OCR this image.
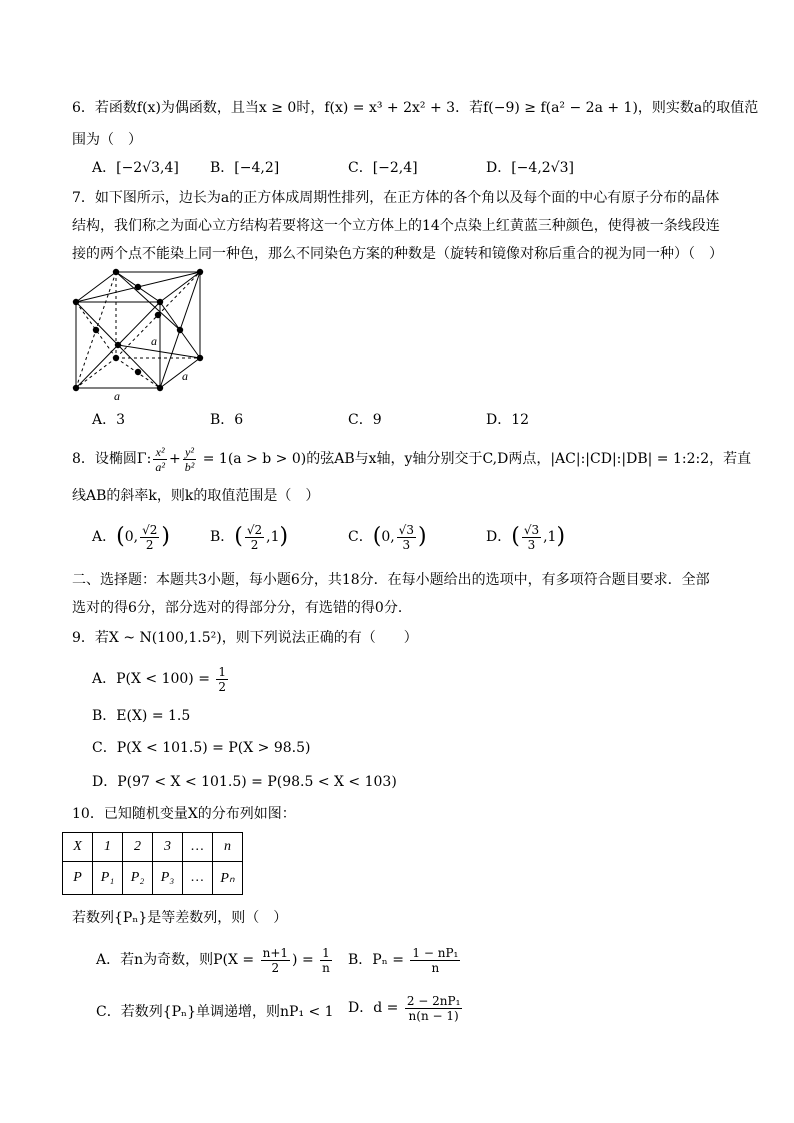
6．若函数f(x)为偶函数，且当x ≥ 0时，f(x) = x³ + 2x² + 3．若f(−9) ≥ f(a² − 2a + 1)，则实数a的取值范
围为（　）
A．[−2√3,4] B．[−4,2]	C．[−2,4]	D．[−4,2√3]
7．如下图所示，边长为a的正方体成周期性排列，在正方体的各个角以及每个面的中心有原子分布的晶体
结构，我们称之为面心立方结构若要将这一个立方体上的14个点染上红黄蓝三种颜色，使得被一条线段连
接的两个点不能染上同一种色，那么不同染色方案的种数是（旋转和镜像对称后重合的视为同一种）（　）
a
a
a
A．3	B．6	C．9	D．12
8．设椭圆Γ: $\frac{\text{x²}}{\text{a²}} + \frac{\text{y²}}{\text{b²}} = 1(a > b > 0)$的弦AB与x轴，y轴分别交于C,D两点，|AC|:|CD|:|DB| = 1:2:2，若直
线AB的斜率k，则k的取值范围是（　）
A．(0, $\frac{√2}{2}$ )	B．( $\frac{√2}{2} ,1$)	C．(0, $\frac{√3}{3}$ )	D．( $\frac{√3}{3} ,1$)
二、选择题：本题共3小题，每小题6分，共18分．在每小题给出的选项中，有多项符合题目要求．全部
选对的得6分，部分选对的得部分分，有选错的得0分．
9．若X ~ N(100,1.5²)，则下列说法正确的有（　　）
A．$P(X < 100) = \frac{1}{2}$
B．E(X) = 1.5
C．P(X < 101.5) = P(X > 98.5)
D．P(97 < X < 101.5) = P(98.5 < X < 103)
10．已知随机变量X的分布列如图：
X	1	2	3	…	n
P	P₁	P₂	P₃	…	Pₙ
若数列{Pₙ}是等差数列，则（　）
A．若n为奇数，则$P(X = \frac{n+1}{2}$ ) = $\frac{1}{n}$ B．$P_n = \frac{\text{1 − nP₁}}{n}$
C．若数列{Pₙ}单调递增，则nP₁ < 1 D．$d = \frac{\text{2 − 2nP₁}}{n(n - 1)}$
